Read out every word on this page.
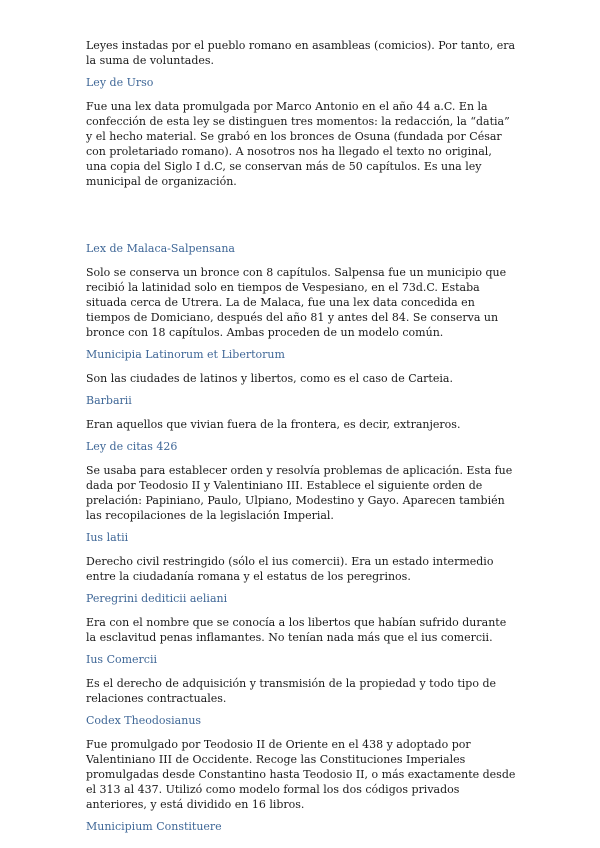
Leyes instadas por el pueblo romano en asambleas (comicios). Por tanto, era la suma de voluntades.

Ley de Urso

Fue una lex data promulgada por Marco Antonio en el año 44 a.C. En la confección de esta ley se distinguen tres momentos: la redacción, la “datia” y el hecho material. Se grabó en los bronces de Osuna (fundada por César con proletariado romano). A nosotros nos ha llegado el texto no original, una copia del Siglo I d.C, se conservan más de 50 capítulos. Es una ley municipal de organización.

Lex de Malaca-Salpensana

Solo se conserva un bronce con 8 capítulos. Salpensa fue un municipio que recibió la latinidad solo en tiempos de Vespesiano, en el 73d.C. Estaba situada cerca de Utrera. La de Malaca, fue una lex data concedida en tiempos de Domiciano, después del año 81 y antes del 84. Se conserva un bronce con 18 capítulos. Ambas proceden de un modelo común.

Municipia Latinorum et Libertorum

Son las ciudades de latinos y libertos, como es el caso de Carteia.

Barbarii

Eran aquellos que vivian fuera de la frontera, es decir, extranjeros.

Ley de citas 426

Se usaba para establecer orden y resolvía problemas de aplicación. Esta fue dada por Teodosio II y Valentiniano III. Establece el siguiente orden de prelación: Papiniano, Paulo, Ulpiano, Modestino y Gayo. Aparecen también las recopilaciones de la legislación Imperial.

Ius latii

Derecho civil restringido (sólo el ius comercii). Era un estado intermedio entre la ciudadanía romana y el estatus de los peregrinos.

Peregrini dediticii aeliani

Era con el nombre que se conocía a los libertos que habían sufrido durante la esclavitud penas inflamantes. No tenían nada más que el ius comercii.

Ius Comercii

Es el derecho de adquisición y transmisión de la propiedad y todo tipo de relaciones contractuales.

Codex Theodosianus

Fue promulgado por Teodosio II de Oriente en el 438 y adoptado por Valentiniano III de Occidente. Recoge las Constituciones Imperiales promulgadas desde Constantino hasta Teodosio II, o más exactamente desde el 313 al 437. Utilizó como modelo formal los dos códigos privados anteriores, y está dividido en 16 libros.

Municipium Constituere
